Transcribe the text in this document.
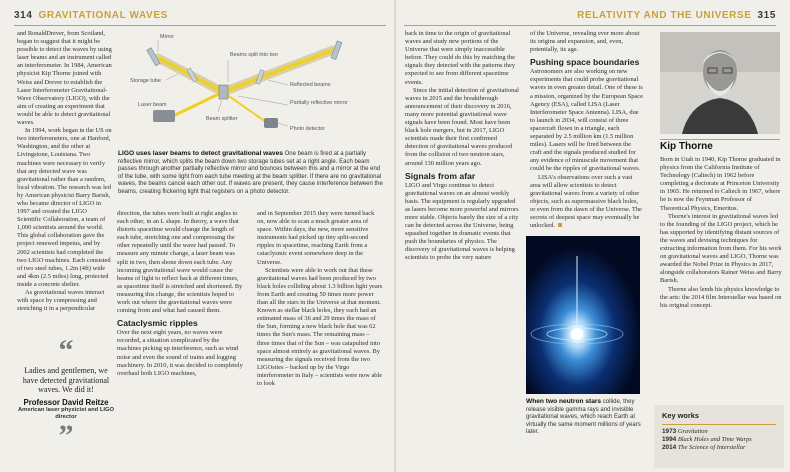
314 GRAVITATIONAL WAVES	RELATIVITY AND THE UNIVERSE 315

and RonaldDrever, from Scotland, began to suggest that it might be possible to detect the waves by using laser beams and an instrument called an interferometer. In 1984, American physicist Kip Thorne joined with Weiss and Drever to establish the Laser Interferometer Gravitational-Wave Observatory (LIGO), with the aim of creating an experiment that would be able to detect gravitational waves.

In 1994, work began in the US on two interferometers, one at Hanford, Washington, and the other at Livingstone, Louisiana. Two machines were necessary to verify that any detected wave was gravitational rather than a random, local vibration. The research was led by American physicist Barry Barish, who became director of LIGO in 1997 and created the LIGO Scientific Collaboration, a team of 1,000 scientists around the world. This global collaboration gave the project renewed impetus, and by 2002 scientists had completed the two LIGO machines. Each consisted of two steel tubes, 1.2m (4ft) wide and 4km (2.5 miles) long, protected inside a concrete shelter.

As gravitational waves interact with space by compressing and stretching it in a perpendicular

“
Ladies and gentlemen, we have detected gravitational waves. We did it!
Professor David Reitze
American laser physicist and LIGO director
”
Mirror
Beams split into two
Storage tube
Laser beam
Reflected beams
Partially reflective mirror
Beam splitter
Photo detector
LIGO uses laser beams to detect gravitational waves One beam is fired at a partially reflective mirror, which splits the beam down two storage tubes set at a right angle. Each beam passes through another partially reflective mirror and bounces between this and a mirror at the end of the tube, with some light from each tube meeting at the beam splitter. If there are no gravitational waves, the beams cancel each other out. If waves are present, they cause interference between the beams, creating flickering light that registers on a photo detector.

direction, the tubes were built at right angles to each other, in an L shape. In theory, a wave that distorts spacetime would change the length of each tube, stretching one and compressing the other repeatedly until the wave had passed. To measure any minute change, a laser beam was split in two, then shone down each tube. Any incoming gravitational wave would cause the beams of light to reflect back at different times, as spacetime itself is stretched and shortened. By measuring this change, the scientists hoped to work out where the gravitational waves were coming from and what had caused them.

Cataclysmic ripples

Over the next eight years, no waves were recorded, a situation complicated by the machines picking up interference, such as wind noise and even the sound of trains and logging machinery. In 2010, it was decided to completely overhaul both LIGO machines,

and in September 2015 they were turned back on, now able to scan a much greater area of space. Within days, the new, more sensitive instruments had picked up tiny split-second ripples in spacetime, reaching Earth from a cataclysmic event somewhere deep in the Universe.

Scientists were able to work out that these gravitational waves had been produced by two black holes colliding about 1.3 billion light years from Earth and creating 50 times more power than all the stars in the Universe at that moment. Known as stellar black holes, they each had an estimated mass of 36 and 29 times the mass of the Sun, forming a new black hole that was 62 times the Sun's mass. The remaining mass – three times that of the Sun – was catapulted into space almost entirely as gravitational waves. By measuring the signals received from the two LIGOsites – backed up by the Virgo interferometer in Italy – scientists were now able to look

back in time to the origin of gravitational waves and study new portions of the Universe that were simply inaccessible before. They could do this by matching the signals they detected with the patterns they expected to see from different spacetime events.

Since the initial detection of gravitational waves in 2015 and the breakthrough announcement of their discovery in 2016, many more potential gravitational wave signals have been found. Most have been black hole mergers, but in 2017, LIGO scientists made their first confirmed detection of gravitational waves produced from the collision of two neutron stars, around 130 million years ago.

Signals from afar

LIGO and Virgo continue to detect gravitational waves on an almost weekly basis. The equipment is regularly upgraded as lasers become more powerful and mirrors more stable. Objects barely the size of a city can be detected across the Universe, being squashed together in dramatic events that push the boundaries of physics. The discovery of gravitational waves is helping scientists to probe the very nature

of the Universe, revealing ever more about its origins and expansion, and, even, potentially, its age.

Pushing space boundaries

Astronomers are also working on new experiments that could probe gravitational waves in even greater detail. One of these is a mission, organized by the European Space Agency (ESA), called LISA (Laser Interferometer Space Antenna). LISA, due to launch in 2034, will consist of three spacecraft flown in a triangle, each separated by 2.5 million km (1.5 million miles). Lasers will be fired between the craft and the signals produced studied for any evidence of minuscule movement that could be the ripples of gravitational waves.

LISA's observations over such a vast area will allow scientists to detect gravitational waves from a variety of other objects, such as supermassive black holes, or even from the dawn of the Universe. The secrets of deepest space may eventually be unlocked.

When two neutron stars collide, they release visible gamma rays and invisible gravitational waves, which reach Earth at virtually the same moment millions of years later.
Kip Thorne

Born in Utah in 1940, Kip Thorne graduated in physics from the California Institute of Technology (Caltech) in 1962 before completing a doctorate at Princeton University in 1965. He returned to Caltech in 1967, where he is now the Feynman Professor of Theoretical Physics, Emeritus.

Thorne's interest in gravitational waves led to the founding of the LIGO project, which he has supported by identifying distant sources of the waves and devising techniques for extracting information from them. For his work on gravitational waves and LIGO, Thorne was awarded the Nobel Prize in Physics in 2017, alongside collaborators Rainer Weiss and Barry Barish.

Thorne also lends his physics knowledge to the arts: the 2014 film Interstellar was based on his original concept.

Key works
1973 Gravitation
1994 Black Holes and Time Warps
2014 The Science of Interstellar
